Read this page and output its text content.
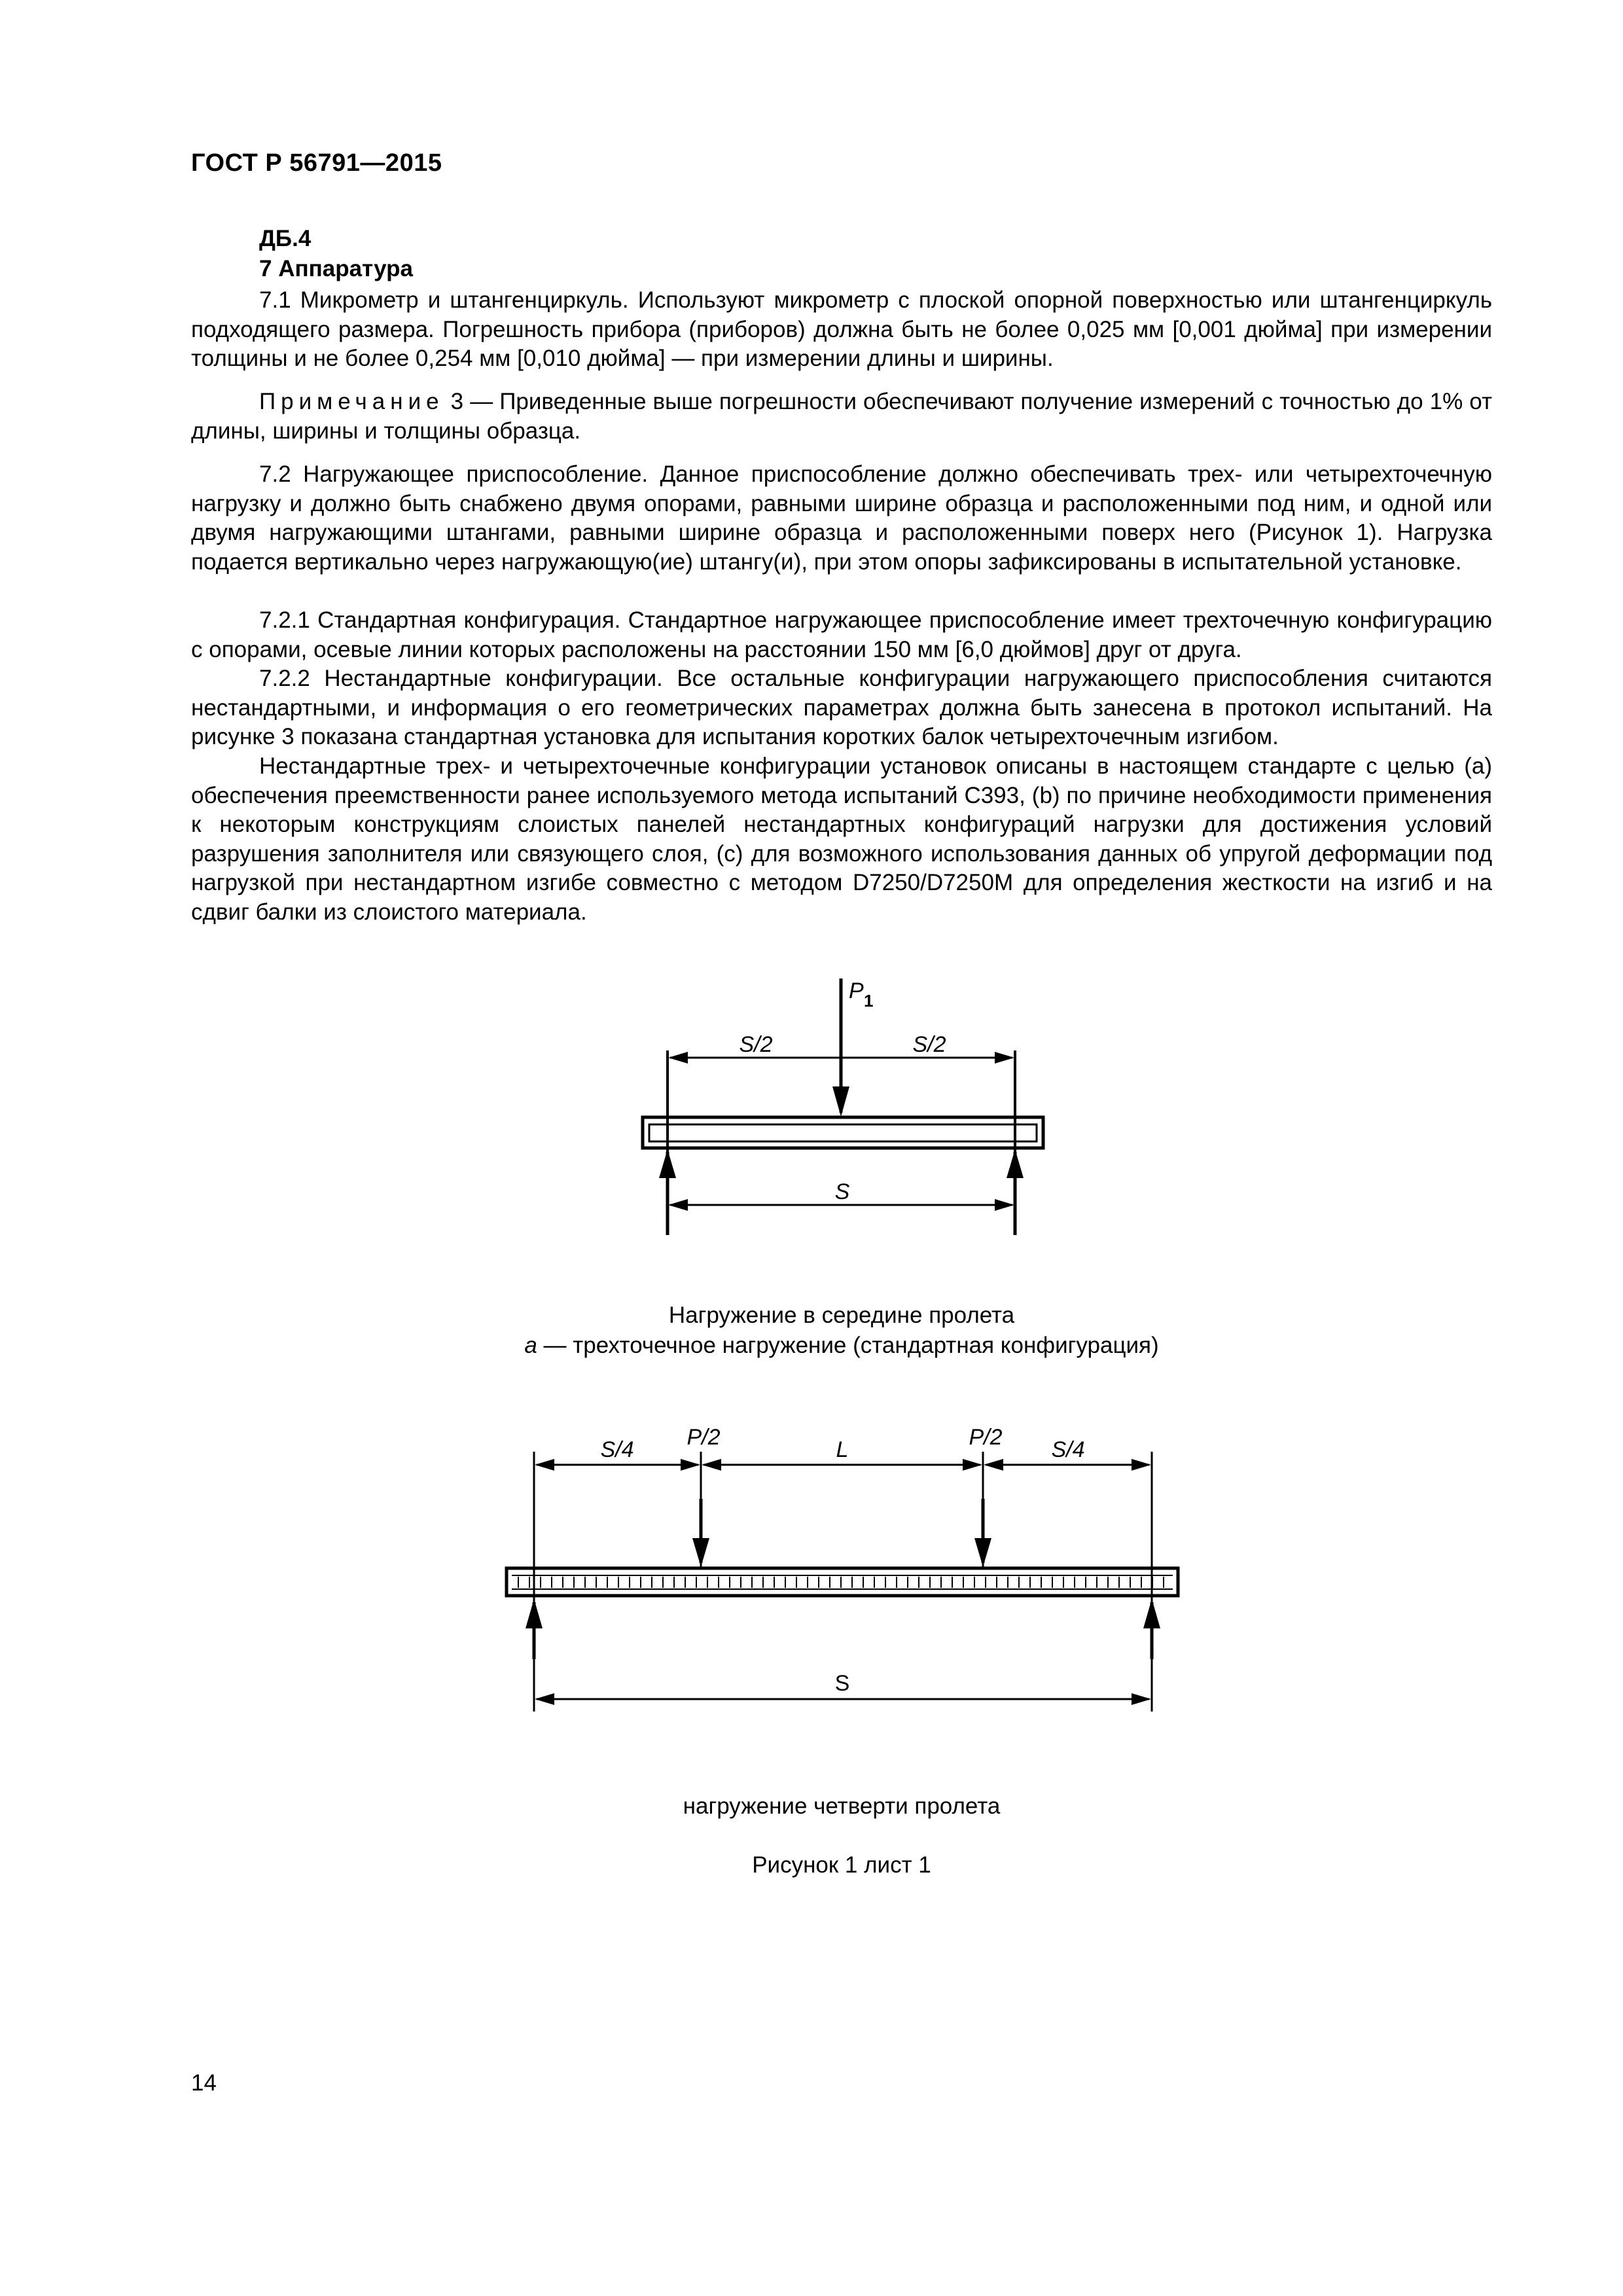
ГОСТ Р 56791—2015
ДБ.4
7 Аппаратура

7.1 Микрометр и штангенциркуль. Используют микрометр с плоской опорной поверхностью или штангенциркуль подходящего размера. Погрешность прибора (приборов) должна быть не более 0,025 мм [0,001 дюйма] при измерении толщины и не более 0,254 мм [0,010 дюйма] — при измерении длины и ширины.

Примечание 3 — Приведенные выше погрешности обеспечивают получение измерений с точностью до 1% от длины, ширины и толщины образца.

7.2 Нагружающее приспособление. Данное приспособление должно обеспечивать трех- или четырехточечную нагрузку и должно быть снабжено двумя опорами, равными ширине образца и расположенными под ним, и одной или двумя нагружающими штангами, равными ширине образца и расположенными поверх него (Рисунок 1). Нагрузка подается вертикально через нагружающую(ие) штангу(и), при этом опоры зафиксированы в испытательной установке.

7.2.1 Стандартная конфигурация. Стандартное нагружающее приспособление имеет трехточечную конфигурацию с опорами, осевые линии которых расположены на расстоянии 150 мм [6,0 дюймов] друг от друга.

7.2.2 Нестандартные конфигурации. Все остальные конфигурации нагружающего приспособления считаются нестандартными, и информация о его геометрических параметрах должна быть занесена в протокол испытаний. На рисунке 3 показана стандартная установка для испытания коротких балок четырехточечным изгибом.

Нестандартные трех- и четырехточечные конфигурации установок описаны в настоящем стандарте с целью (а) обеспечения преемственности ранее используемого метода испытаний C393, (b) по причине необходимости применения к некоторым конструкциям слоистых панелей нестандартных конфигураций нагрузки для достижения условий разрушения заполнителя или связующего слоя, (с) для возможного использования данных об упругой деформации под нагрузкой при нестандартном изгибе совместно с методом D7250/D7250M для определения жесткости на изгиб и на сдвиг балки из слоистого материала.

P 1
S/2	S/2
S
Нагружение в середине пролета
а — трехточечное нагружение (стандартная конфигурация)
S/4 P/2	L	P/2 S/4
S
нагружение четверти пролета
Рисунок 1 лист 1
14
